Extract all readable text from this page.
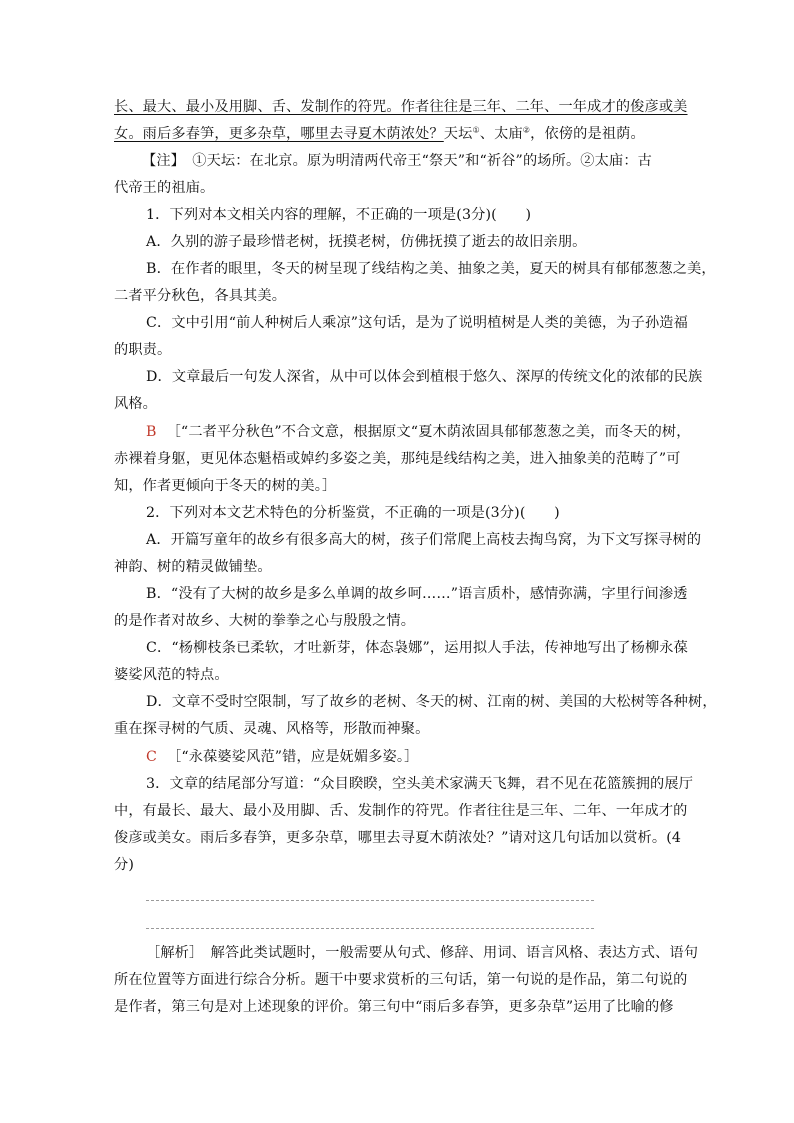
长、最大、最小及用脚、舌、发制作的符咒。作者往往是三年、二年、一年成才的俊彦或美
女。雨后多春笋，更多杂草，哪里去寻夏木荫浓处？天坛①、太庙②，依傍的是祖荫。
【注】　①天坛：在北京。原为明清两代帝王“祭天”和“祈谷”的场所。②太庙：古
代帝王的祖庙。
1．下列对本文相关内容的理解，不正确的一项是(3分)(　　)
A．久别的游子最珍惜老树，抚摸老树，仿佛抚摸了逝去的故旧亲朋。
B．在作者的眼里，冬天的树呈现了线结构之美、抽象之美，夏天的树具有郁郁葱葱之美，
二者平分秋色，各具其美。
C．文中引用“前人种树后人乘凉”这句话，是为了说明植树是人类的美德，为子孙造福
的职责。
D．文章最后一句发人深省，从中可以体会到植根于悠久、深厚的传统文化的浓郁的民族
风格。
B ［“二者平分秋色”不合文意，根据原文“夏木荫浓固具郁郁葱葱之美，而冬天的树，
赤裸着身躯，更见体态魁梧或婥约多姿之美，那纯是线结构之美，进入抽象美的范畴了”可
知，作者更倾向于冬天的树的美。］
2．下列对本文艺术特色的分析鉴赏，不正确的一项是(3分)(　　)
A．开篇写童年的故乡有很多高大的树，孩子们常爬上高枝去掏鸟窝，为下文写探寻树的
神韵、树的精灵做铺垫。
B．“没有了大树的故乡是多么单调的故乡呵……”语言质朴，感情弥满，字里行间渗透
的是作者对故乡、大树的拳拳之心与殷殷之情。
C．“杨柳枝条已柔软，才吐新芽，体态袅娜”，运用拟人手法，传神地写出了杨柳永葆
婆娑风范的特点。
D．文章不受时空限制，写了故乡的老树、冬天的树、江南的树、美国的大松树等各种树，
重在探寻树的气质、灵魂、风格等，形散而神聚。
C ［“永葆婆娑风范”错，应是妩媚多姿。］
3．文章的结尾部分写道：“众目睽睽，空头美术家满天飞舞，君不见在花篮簇拥的展厅
中，有最长、最大、最小及用脚、舌、发制作的符咒。作者往往是三年、二年、一年成才的
俊彦或美女。雨后多春笋，更多杂草，哪里去寻夏木荫浓处？”请对这几句话加以赏析。(4
分)
［解析］　解答此类试题时，一般需要从句式、修辞、用词、语言风格、表达方式、语句
所在位置等方面进行综合分析。题干中要求赏析的三句话，第一句说的是作品，第二句说的
是作者，第三句是对上述现象的评价。第三句中“雨后多春笋，更多杂草”运用了比喻的修
